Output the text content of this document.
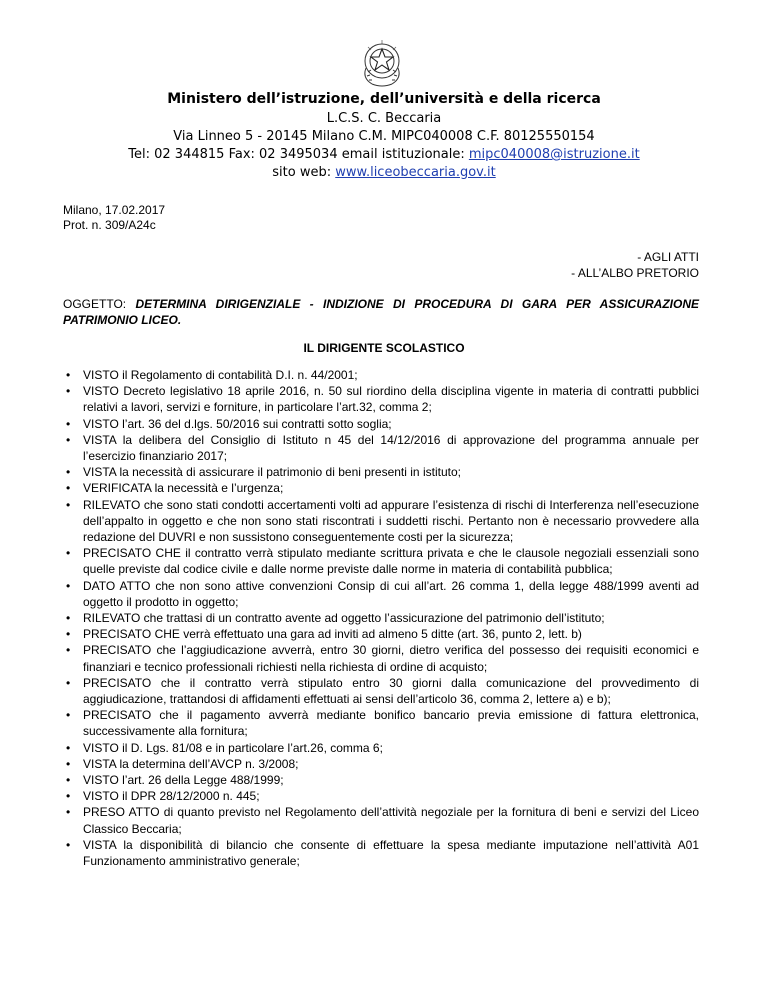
Ministero dell’istruzione, dell’università e della ricerca
L.C.S. C. Beccaria
Via Linneo 5 - 20145 Milano C.M. MIPC040008 C.F. 80125550154
Tel: 02 344815 Fax: 02 3495034 email istituzionale: mipc040008@istruzione.it
sito web: www.liceobeccaria.gov.it
Milano, 17.02.2017
Prot. n. 309/A24c
- AGLI ATTI
- ALL’ALBO PRETORIO
OGGETTO: DETERMINA DIRIGENZIALE - INDIZIONE DI PROCEDURA DI GARA PER ASSICURAZIONE PATRIMONIO LICEO.
IL DIRIGENTE SCOLASTICO
• VISTO il Regolamento di contabilità D.I. n. 44/2001;
• VISTO Decreto legislativo 18 aprile 2016, n. 50 sul riordino della disciplina vigente in materia di contratti pubblici relativi a lavori, servizi e forniture, in particolare l’art.32, comma 2;
• VISTO l’art. 36 del d.lgs. 50/2016 sui contratti sotto soglia;
• VISTA la delibera del Consiglio di Istituto n 45 del 14/12/2016 di approvazione del programma annuale per l’esercizio finanziario 2017;
• VISTA la necessità di assicurare il patrimonio di beni presenti in istituto;
• VERIFICATA la necessità e l’urgenza;
• RILEVATO che sono stati condotti accertamenti volti ad appurare l’esistenza di rischi di Interferenza nell’esecuzione dell’appalto in oggetto e che non sono stati riscontrati i suddetti rischi. Pertanto non è necessario provvedere alla redazione del DUVRI e non sussistono conseguentemente costi per la sicurezza;
• PRECISATO CHE il contratto verrà stipulato mediante scrittura privata e che le clausole negoziali essenziali sono quelle previste dal codice civile e dalle norme previste dalle norme in materia di contabilità pubblica;
• DATO ATTO che non sono attive convenzioni Consip di cui all’art. 26 comma 1, della legge 488/1999 aventi ad oggetto il prodotto in oggetto;
• RILEVATO che trattasi di un contratto avente ad oggetto l’assicurazione del patrimonio dell’istituto;
• PRECISATO CHE verrà effettuato una gara ad inviti ad almeno 5 ditte (art. 36, punto 2, lett. b)
• PRECISATO che l’aggiudicazione avverrà, entro 30 giorni, dietro verifica del possesso dei requisiti economici e finanziari e tecnico professionali richiesti nella richiesta di ordine di acquisto;
• PRECISATO che il contratto verrà stipulato entro 30 giorni dalla comunicazione del provvedimento di aggiudicazione, trattandosi di affidamenti effettuati ai sensi dell’articolo 36, comma 2, lettere a) e b);
• PRECISATO che il pagamento avverrà mediante bonifico bancario previa emissione di fattura elettronica, successivamente alla fornitura;
• VISTO il D. Lgs. 81/08 e in particolare l’art.26, comma 6;
• VISTA la determina dell’AVCP n. 3/2008;
• VISTO l’art. 26 della Legge 488/1999;
• VISTO il DPR 28/12/2000 n. 445;
• PRESO ATTO di quanto previsto nel Regolamento dell’attività negoziale per la fornitura di beni e servizi del Liceo Classico Beccaria;
• VISTA la disponibilità di bilancio che consente di effettuare la spesa mediante imputazione nell’attività A01 Funzionamento amministrativo generale;
